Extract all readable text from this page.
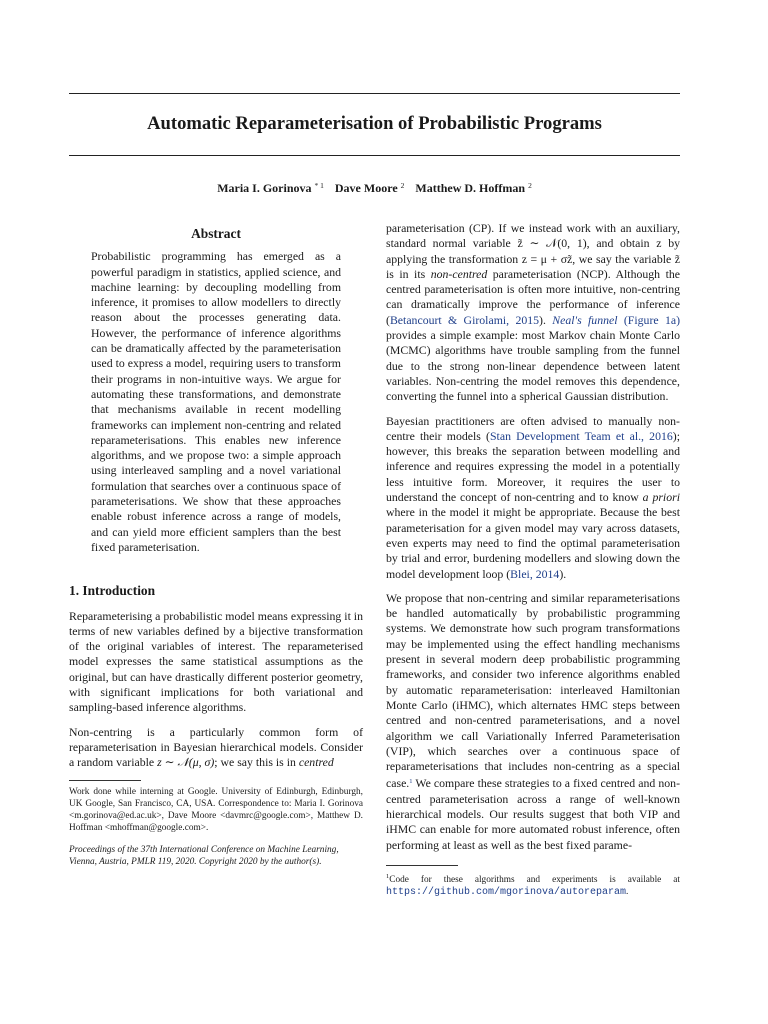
Automatic Reparameterisation of Probabilistic Programs
Maria I. Gorinova $^{* 1}$ Dave Moore $^2$ Matthew D. Hoffman $^2$
Abstract

Probabilistic programming has emerged as a powerful paradigm in statistics, applied science, and machine learning: by decoupling modelling from inference, it promises to allow modellers to directly reason about the processes generating data. However, the performance of inference algorithms can be dramatically affected by the parameterisation used to express a model, requiring users to transform their programs in non-intuitive ways. We argue for automating these transformations, and demonstrate that mechanisms available in recent modelling frameworks can implement non-centring and related reparameterisations. This enables new inference algorithms, and we propose two: a simple approach using interleaved sampling and a novel variational formulation that searches over a continuous space of parameterisations. We show that these approaches enable robust inference across a range of models, and can yield more efficient samplers than the best fixed parameterisation.

1. Introduction

Reparameterising a probabilistic model means expressing it in terms of new variables defined by a bijective transformation of the original variables of interest. The reparameterised model expresses the same statistical assumptions as the original, but can have drastically different posterior geometry, with significant implications for both variational and sampling-based inference algorithms.

Non-centring is a particularly common form of reparameterisation in Bayesian hierarchical models. Consider a random variable z ∼ 𝒩(μ, σ); we say this is in centred

Work done while interning at Google. University of Edinburgh, Edinburgh, UK Google, San Francisco, CA, USA. Correspondence to: Maria I. Gorinova <m.gorinova@ed.ac.uk>, Dave Moore <davmrc@google.com>, Matthew D. Hoffman <mhoffman@google.com>.
Proceedings of the 37th International Conference on Machine Learning, Vienna, Austria, PMLR 119, 2020. Copyright 2020 by the author(s).

parameterisation (CP). If we instead work with an auxiliary, standard normal variable z̃ ∼ 𝒩(0, 1), and obtain z by applying the transformation z = μ + σz̃, we say the variable z̃ is in its non-centred parameterisation (NCP). Although the centred parameterisation is often more intuitive, non-centring can dramatically improve the performance of inference (Betancourt & Girolami, 2015). Neal's funnel (Figure 1a) provides a simple example: most Markov chain Monte Carlo (MCMC) algorithms have trouble sampling from the funnel due to the strong non-linear dependence between latent variables. Non-centring the model removes this dependence, converting the funnel into a spherical Gaussian distribution.

Bayesian practitioners are often advised to manually non-centre their models (Stan Development Team et al., 2016); however, this breaks the separation between modelling and inference and requires expressing the model in a potentially less intuitive form. Moreover, it requires the user to understand the concept of non-centring and to know a priori where in the model it might be appropriate. Because the best parameterisation for a given model may vary across datasets, even experts may need to find the optimal parameterisation by trial and error, burdening modellers and slowing down the model development loop (Blei, 2014).

We propose that non-centring and similar reparameterisations be handled automatically by probabilistic programming systems. We demonstrate how such program transformations may be implemented using the effect handling mechanisms present in several modern deep probabilistic programming frameworks, and consider two inference algorithms enabled by automatic reparameterisation: interleaved Hamiltonian Monte Carlo (iHMC), which alternates HMC steps between centred and non-centred parameterisations, and a novel algorithm we call Variationally Inferred Parameterisation (VIP), which searches over a continuous space of reparameterisations that includes non-centring as a special case.$^1$ We compare these strategies to a fixed centred and non-centred parameterisation across a range of well-known hierarchical models. Our results suggest that both VIP and iHMC can enable for more automated robust inference, often performing at least as well as the best fixed parame-

$^1$Code for these algorithms and experiments is available at https://github.com/mgorinova/autoreparam.
